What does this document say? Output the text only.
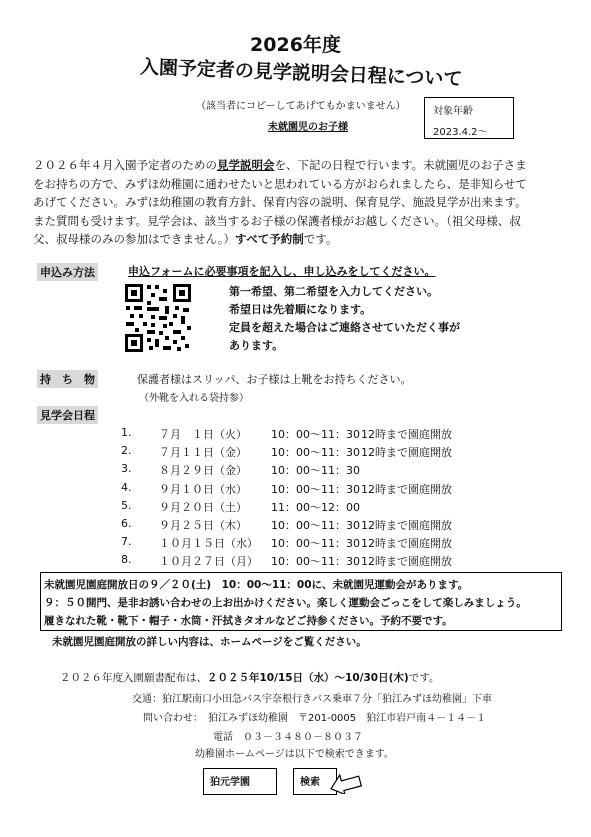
2026年度
入園予定者の見学説明会日程について
（該当者にコピーしてあげてもかまいません）
未就園児のお子様
対象年齢
2023.4.2〜
２０２６年４月入園予定者のための見学説明会を、下記の日程で行います。未就園児のお子さま
をお持ちの方で、みずほ幼稚園に通わせたいと思われている方がおられましたら、是非知らせて
あげてください。みずほ幼稚園の教育方針、保育内容の説明、保育見学、施設見学が出来ます。
また質問も受けます。見学会は、該当するお子様の保護者様がお越しください。（祖父母様、叔
父、叔母様のみの参加はできません。）すべて予約制です。
申込み方法	申込フォームに必要事項を記入し、申し込みをしてください。
第一希望、第二希望を入力してください。
希望日は先着順になります。
定員を超えた場合はご連絡させていただく事が
あります。
持　ち　物	保護者様はスリッパ、お子様は上靴をお持ちください。
（外靴を入れる袋持参）
見学会日程
1.	７月　１日（火） 10：00〜11：30 12時まで園庭開放
2.	７月１１日（金） 10：00〜11：30 12時まで園庭開放
3.	８月２９日（金） 10：00〜11：30
4.	９月１０日（水） 10：00〜11：30 12時まで園庭開放
5.	９月２０日（土） 11：00〜12：00
6.	９月２５日（木） 10：00〜11：30 12時まで園庭開放
7.	１０月１５日（水） 10：00〜11：30 12時まで園庭開放
8.	１０月２７日（月） 10：00〜11：30 12時まで園庭開放
未就園児園庭開放日の９／２０(土)　10：00〜11：00に、未就園児運動会があります。
９：５０開門、是非お誘い合わせの上お出かけください。楽しく運動会ごっこをして楽しみましょう。
履きなれた靴・靴下・帽子・水筒・汗拭きタオルなどご持参ください。予約不要です。
未就園児園庭開放の詳しい内容は、ホームページをご覧ください。
２０２６年度入園願書配布は、２０２５年10/15日（水）〜10/30日(木)です。
交通：狛江駅南口小田急バス宇奈根行きバス乗車７分「狛江みずほ幼稚園」下車
問い合わせ：　狛江みずほ幼稚園　〒201-0005　狛江市岩戸南４－１４－１
電話　０３－３４８０－８０３７
幼稚園ホームページは以下で検索できます。
狛元学園	検索
